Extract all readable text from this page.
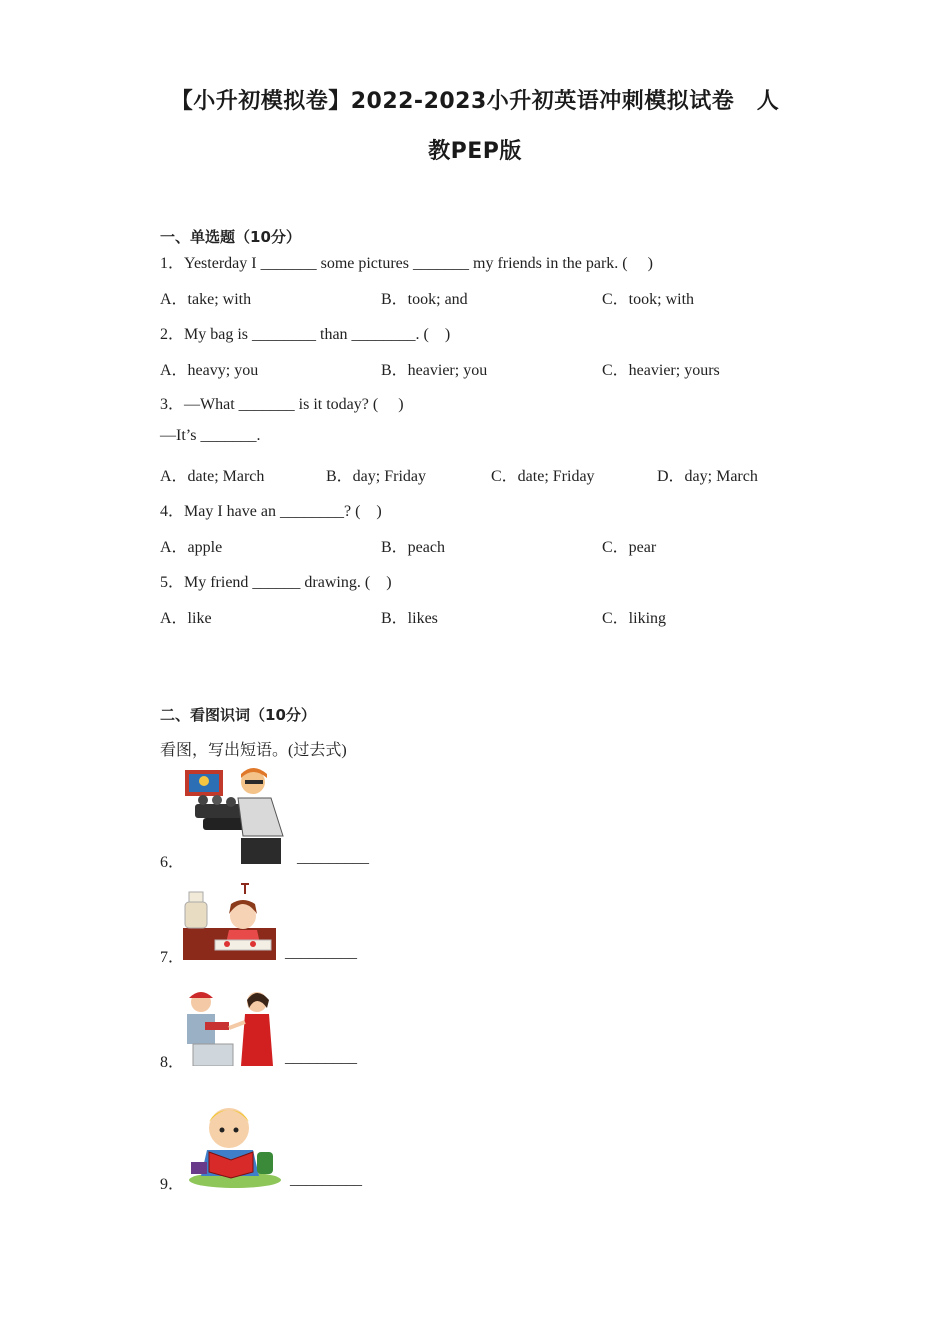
【小升初模拟卷】2022-2023小升初英语冲刺模拟试卷　人
教PEP版
一、单选题（10分）
1．Yesterday I _______ some pictures _______ my friends in the park. (　 )
A．take; with	B．took; and	C．took; with
2．My bag is ________ than ________. (　)
A．heavy; you	B．heavier; you	C．heavier; yours
3．—What _______ is it today? (　 )
—It’s _______.
A．date; March	B．day; Friday	C．date; Friday	D．day; March
4．May I have an ________? (　)
A．apple	B．peach	C．pear
5．My friend ______ drawing. (　)
A．like	B．likes	C．liking
二、看图识词（10分）
看图，写出短语。(过去式)
6．	_________
7．	_________
8．	_________
9．	_________
